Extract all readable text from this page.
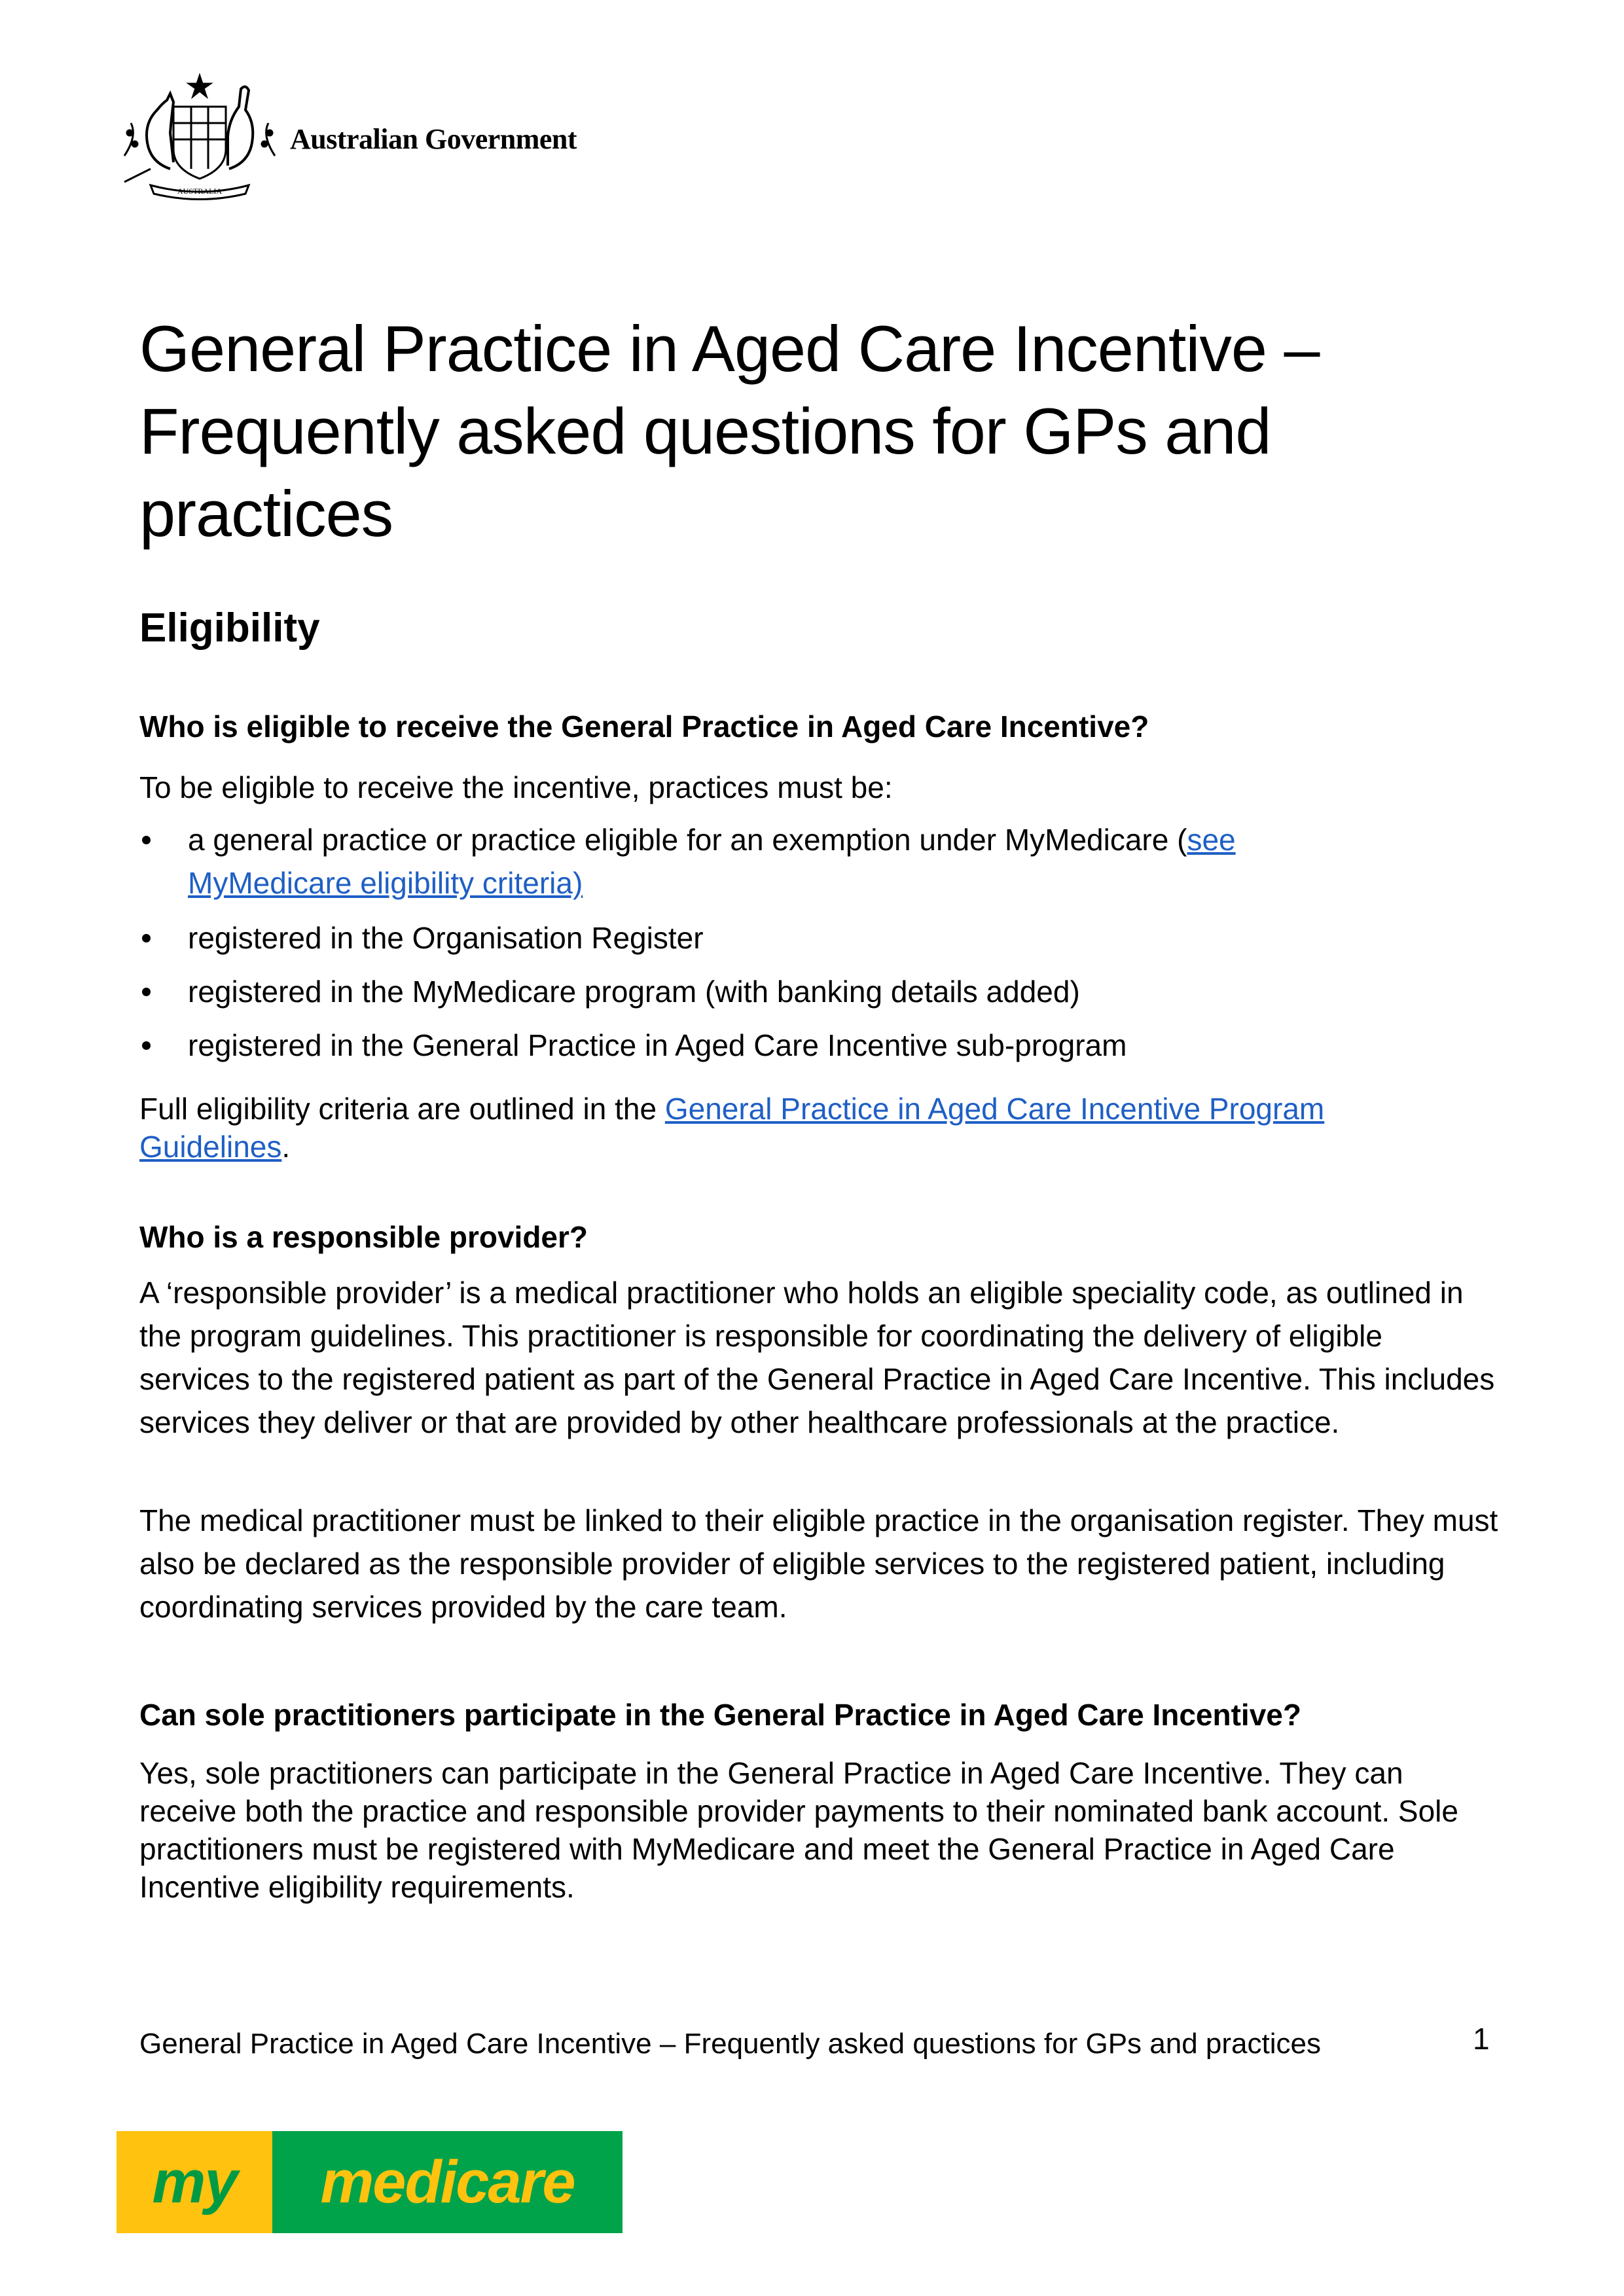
AUSTRALIA
Australian Government
General Practice in Aged Care Incentive – Frequently asked questions for GPs and practices
Eligibility
Who is eligible to receive the General Practice in Aged Care Incentive?

To be eligible to receive the incentive, practices must be:

a general practice or practice eligible for an exemption under MyMedicare (see
MyMedicare eligibility criteria)
registered in the Organisation Register
registered in the MyMedicare program (with banking details added)
registered in the General Practice in Aged Care Incentive sub-program

Full eligibility criteria are outlined in the General Practice in Aged Care Incentive Program
Guidelines.

Who is a responsible provider?

A ‘responsible provider’ is a medical practitioner who holds an eligible speciality code, as outlined in the program guidelines. This practitioner is responsible for coordinating the delivery of eligible services to the registered patient as part of the General Practice in Aged Care Incentive. This includes services they deliver or that are provided by other healthcare professionals at the practice.

The medical practitioner must be linked to their eligible practice in the organisation register. They must also be declared as the responsible provider of eligible services to the registered patient, including coordinating services provided by the care team.

Can sole practitioners participate in the General Practice in Aged Care Incentive?

Yes, sole practitioners can participate in the General Practice in Aged Care Incentive. They can receive both the practice and responsible provider payments to their nominated bank account. Sole practitioners must be registered with MyMedicare and meet the General Practice in Aged Care Incentive eligibility requirements.

General Practice in Aged Care Incentive – Frequently asked questions for GPs and practices	1
my	medicare
